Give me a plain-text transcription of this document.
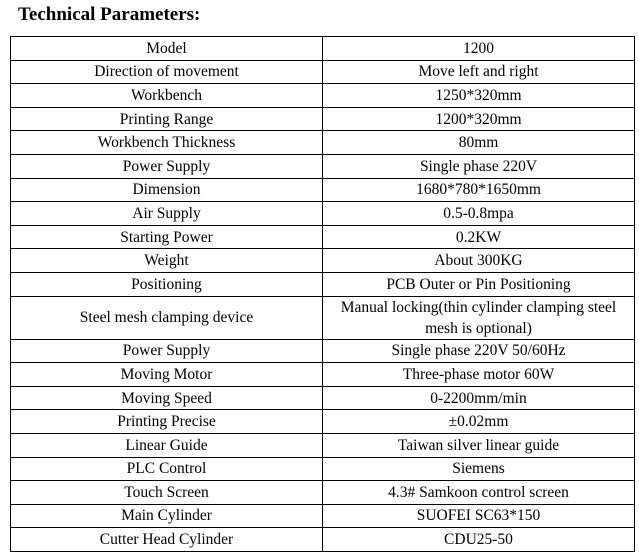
Technical Parameters:
Model	1200
Direction of movement	Move left and right
Workbench	1250*320mm
Printing Range	1200*320mm
Workbench Thickness	80mm
Power Supply	Single phase 220V
Dimension	1680*780*1650mm
Air Supply	0.5-0.8mpa
Starting Power	0.2KW
Weight	About 300KG
Positioning	PCB Outer or Pin Positioning
Steel mesh clamping device	Manual locking(thin cylinder clamping steel mesh is optional)
Power Supply	Single phase 220V 50/60Hz
Moving Motor	Three-phase motor 60W
Moving Speed	0-2200mm/min
Printing Precise	±0.02mm
Linear Guide	Taiwan silver linear guide
PLC Control	Siemens
Touch Screen	4.3# Samkoon control screen
Main Cylinder	SUOFEI SC63*150
Cutter Head Cylinder	CDU25-50
